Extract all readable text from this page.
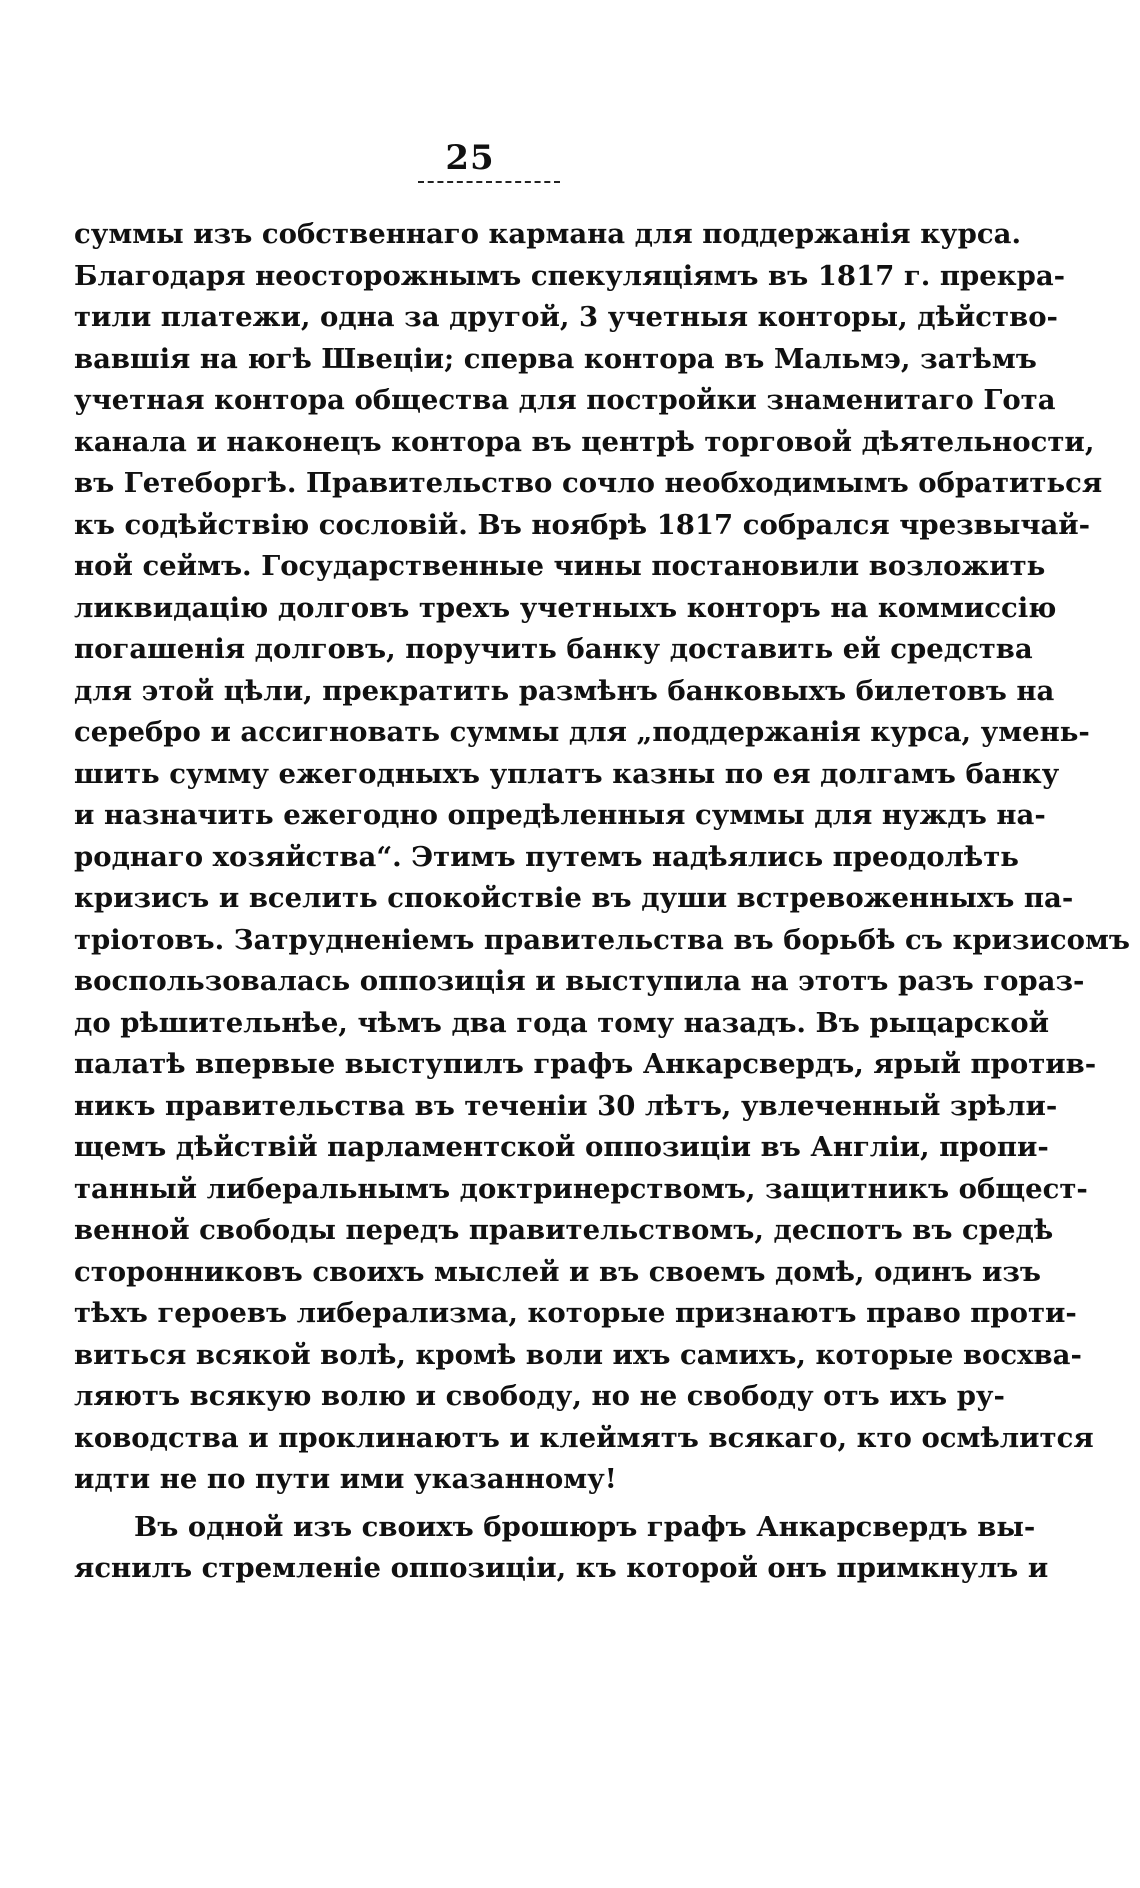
25
суммы изъ собственнаго кармана для поддержанія курса.
Благодаря неосторожнымъ спекуляціямъ въ 1817 г. прекра-
тили платежи, одна за другой, 3 учетныя конторы, дѣйство-
вавшія на югѣ Швеціи; сперва контора въ Мальмэ, затѣмъ
учетная контора общества для постройки знаменитаго Гота
канала и наконецъ контора въ центрѣ торговой дѣятельности,
въ Гетеборгѣ. Правительство сочло необходимымъ обратиться
къ содѣйствію сословій. Въ ноябрѣ 1817 собрался чрезвычай-
ной сеймъ. Государственные чины постановили возложить
ликвидацію долговъ трехъ учетныхъ конторъ на коммиссію
погашенія долговъ, поручить банку доставить ей средства
для этой цѣли, прекратить размѣнъ банковыхъ билетовъ на
серебро и ассигновать суммы для „поддержанія курса, умень-
шить сумму ежегодныхъ уплатъ казны по ея долгамъ банку
и назначить ежегодно опредѣленныя суммы для нуждъ на-
роднаго хозяйства“. Этимъ путемъ надѣялись преодолѣть
кризисъ и вселить спокойствіе въ души встревоженныхъ па-
тріотовъ. Затрудненіемъ правительства въ борьбѣ съ кризисомъ
воспользовалась оппозиція и выступила на этотъ разъ гораз-
до рѣшительнѣе, чѣмъ два года тому назадъ. Въ рыцарской
палатѣ впервые выступилъ графъ Анкарсвердъ, ярый против-
никъ правительства въ теченіи 30 лѣтъ, увлеченный зрѣли-
щемъ дѣйствій парламентской оппозиціи въ Англіи, пропи-
танный либеральнымъ доктринерствомъ, защитникъ общест-
венной свободы передъ правительствомъ, деспотъ въ средѣ
сторонниковъ своихъ мыслей и въ своемъ домѣ, одинъ изъ
тѣхъ героевъ либерализма, которые признаютъ право проти-
виться всякой волѣ, кромѣ воли ихъ самихъ, которые восхва-
ляютъ всякую волю и свободу, но не свободу отъ ихъ ру-
ководства и проклинаютъ и клеймятъ всякаго, кто осмѣлится
идти не по пути ими указанному!
Въ одной изъ своихъ брошюръ графъ Анкарсвердъ вы-
яснилъ стремленіе оппозиціи, къ которой онъ примкнулъ и
